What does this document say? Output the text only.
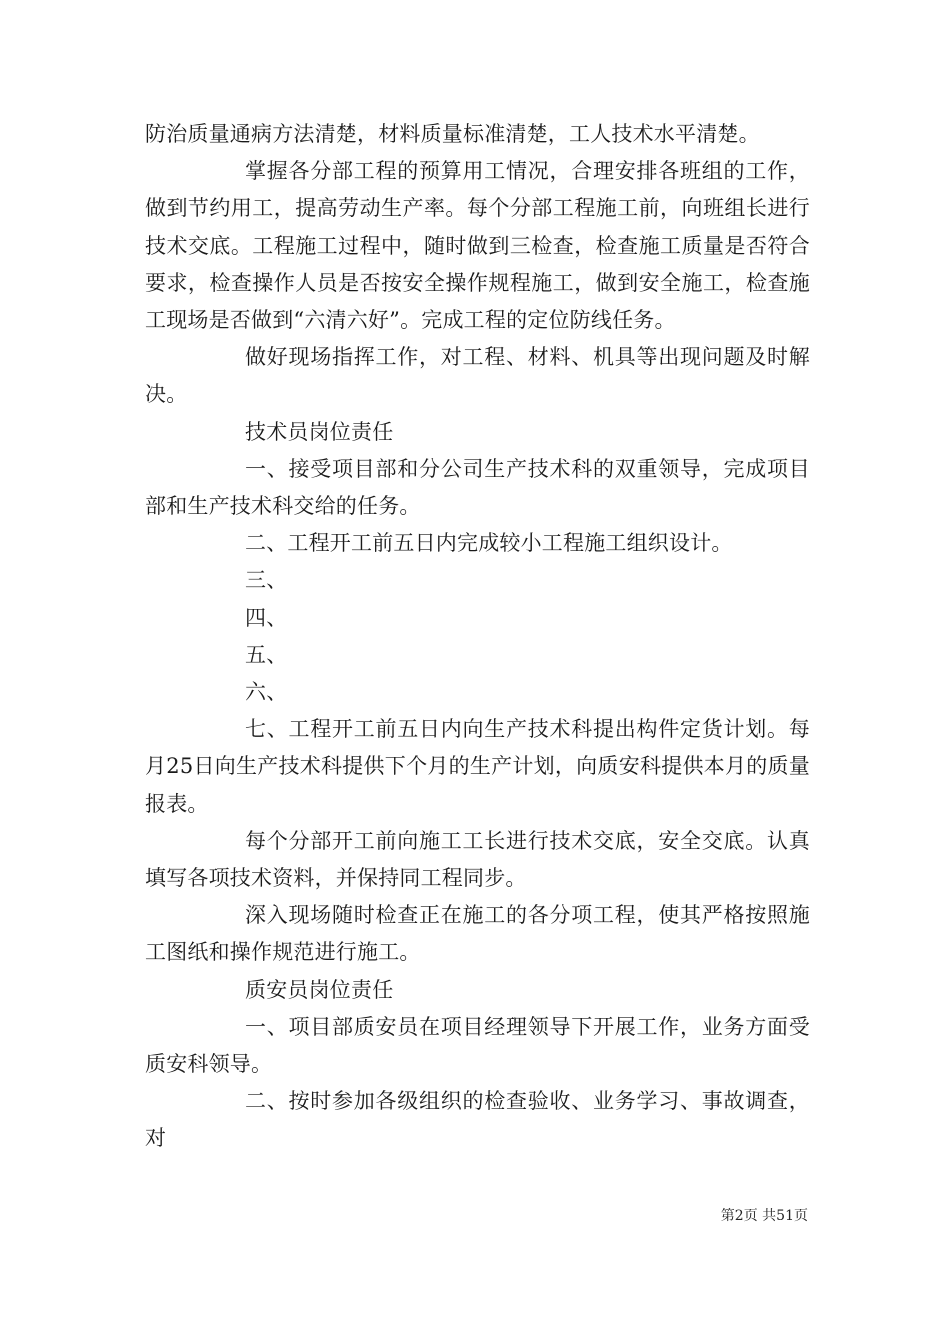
防治质量通病方法清楚，材料质量标准清楚，工人技术水平清楚。

掌握各分部工程的预算用工情况，合理安排各班组的工作，做到节约用工，提高劳动生产率。每个分部工程施工前，向班组长进行技术交底。工程施工过程中，随时做到三检查，检查施工质量是否符合要求，检查操作人员是否按安全操作规程施工，做到安全施工，检查施工现场是否做到“六清六好”。完成工程的定位防线任务。

做好现场指挥工作，对工程、材料、机具等出现问题及时解决。

技术员岗位责任

一、接受项目部和分公司生产技术科的双重领导，完成项目部和生产技术科交给的任务。

二、工程开工前五日内完成较小工程施工组织设计。

三、

四、

五、

六、

七、工程开工前五日内向生产技术科提出构件定货计划。每月25日向生产技术科提供下个月的生产计划，向质安科提供本月的质量报表。

每个分部开工前向施工工长进行技术交底，安全交底。认真填写各项技术资料，并保持同工程同步。

深入现场随时检查正在施工的各分项工程，使其严格按照施工图纸和操作规范进行施工。

质安员岗位责任

一、项目部质安员在项目经理领导下开展工作，业务方面受质安科领导。

二、按时参加各级组织的检查验收、业务学习、事故调查，对

第2页 共51页
